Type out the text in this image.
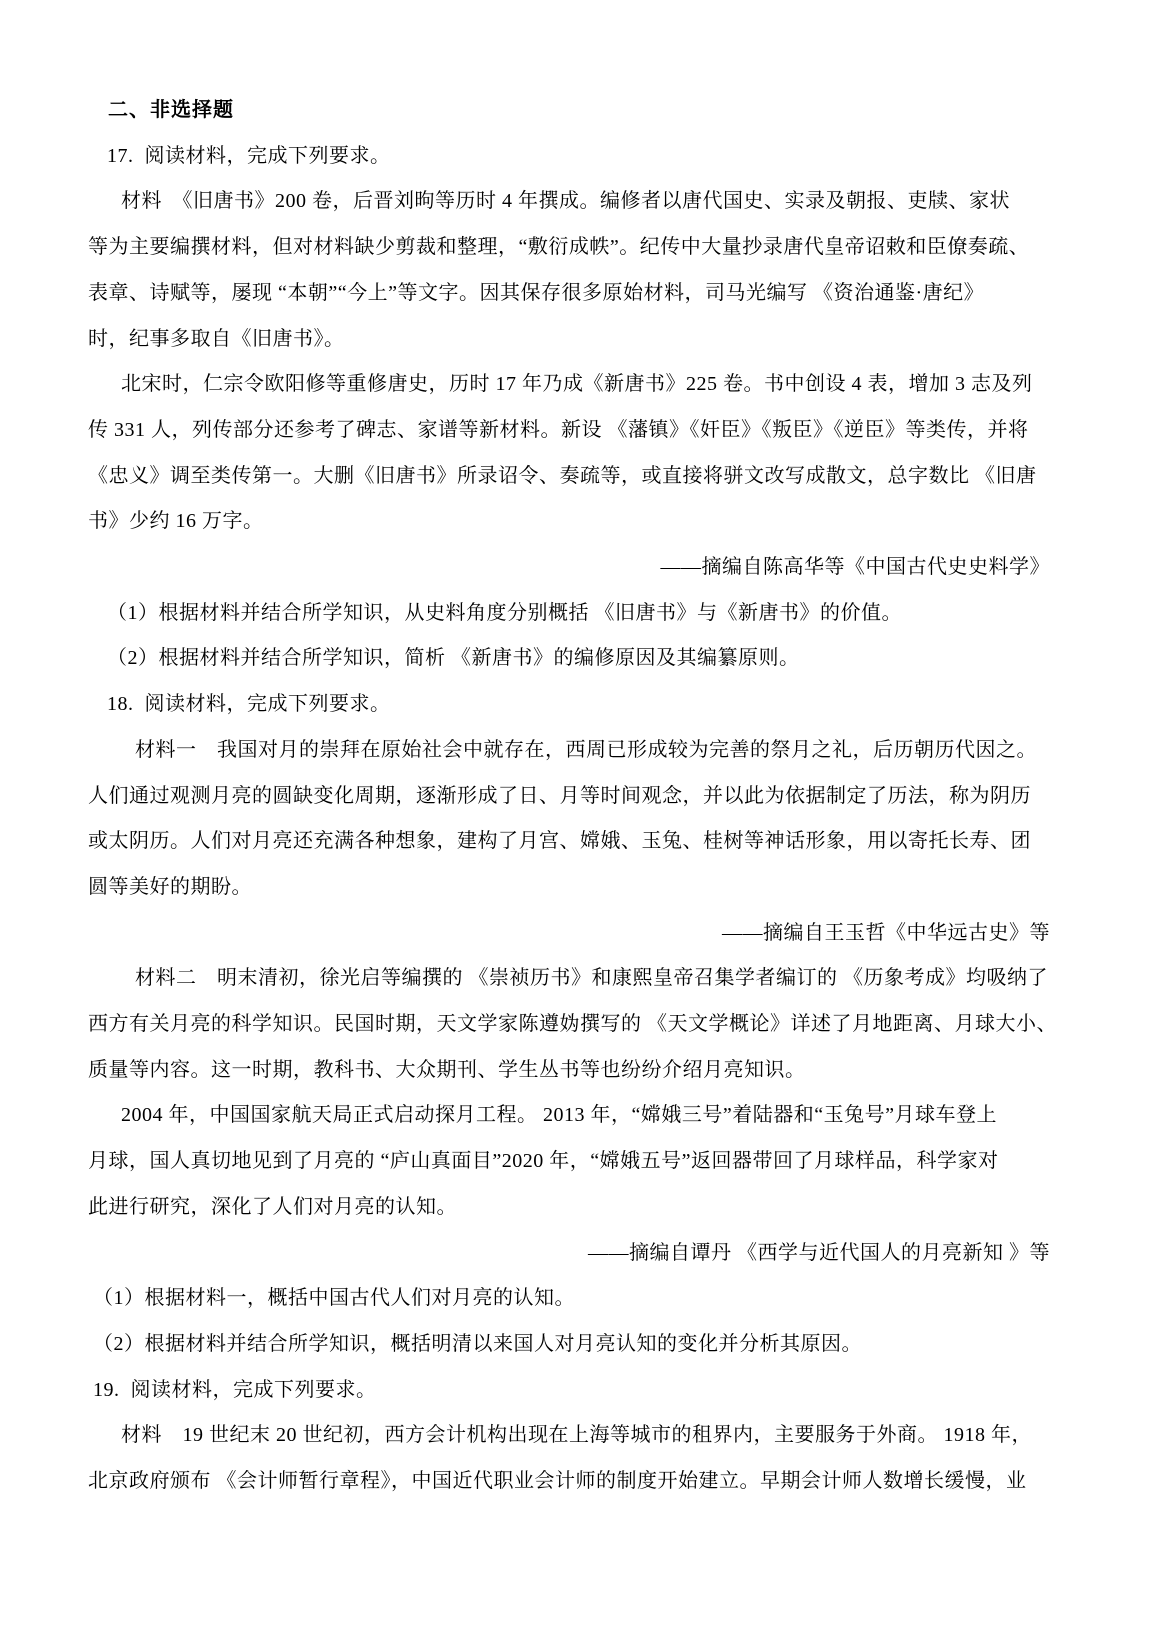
二、非选择题
17.  阅读材料，完成下列要求。
材料　《旧唐书》200 卷，后晋刘昫等历时 4 年撰成。编修者以唐代国史、实录及朝报、吏牍、家状
等为主要编撰材料，但对材料缺少剪裁和整理，“敷衍成帙”。纪传中大量抄录唐代皇帝诏敕和臣僚奏疏、
表章、诗赋等，屡现 “本朝”“今上”等文字。因其保存很多原始材料，司马光编写 《资治通鉴·唐纪》
时，纪事多取自《旧唐书》。
北宋时，仁宗令欧阳修等重修唐史，历时 17 年乃成《新唐书》225 卷。书中创设 4 表，增加 3 志及列
传 331 人，列传部分还参考了碑志、家谱等新材料。新设 《藩镇》《奸臣》《叛臣》《逆臣》等类传，并将
《忠义》调至类传第一。大删《旧唐书》所录诏令、奏疏等，或直接将骈文改写成散文，总字数比 《旧唐
书》少约 16 万字。
——摘编自陈高华等《中国古代史史料学》
（1）根据材料并结合所学知识，从史料角度分别概括 《旧唐书》与《新唐书》的价值。
（2）根据材料并结合所学知识，简析 《新唐书》的编修原因及其编纂原则。
18.  阅读材料，完成下列要求。
材料一　我国对月的崇拜在原始社会中就存在，西周已形成较为完善的祭月之礼，后历朝历代因之。
人们通过观测月亮的圆缺变化周期，逐渐形成了日、月等时间观念，并以此为依据制定了历法，称为阴历
或太阴历。人们对月亮还充满各种想象，建构了月宫、嫦娥、玉兔、桂树等神话形象，用以寄托长寿、团
圆等美好的期盼。
——摘编自王玉哲《中华远古史》等
材料二　明末清初，徐光启等编撰的 《崇祯历书》和康熙皇帝召集学者编订的 《历象考成》均吸纳了
西方有关月亮的科学知识。民国时期，天文学家陈遵妫撰写的 《天文学概论》详述了月地距离、月球大小、
质量等内容。这一时期，教科书、大众期刊、学生丛书等也纷纷介绍月亮知识。
2004 年，中国国家航天局正式启动探月工程。 2013 年，“嫦娥三号”着陆器和“玉兔号”月球车登上
月球，国人真切地见到了月亮的 “庐山真面目”2020 年，“嫦娥五号”返回器带回了月球样品，科学家对
此进行研究，深化了人们对月亮的认知。
——摘编自谭丹 《西学与近代国人的月亮新知 》等
（1）根据材料一，概括中国古代人们对月亮的认知。
（2）根据材料并结合所学知识，概括明清以来国人对月亮认知的变化并分析其原因。
19.  阅读材料，完成下列要求。
材料　19 世纪末 20 世纪初，西方会计机构出现在上海等城市的租界内，主要服务于外商。 1918 年，
北京政府颁布 《会计师暂行章程》，中国近代职业会计师的制度开始建立。早期会计师人数增长缓慢，业
